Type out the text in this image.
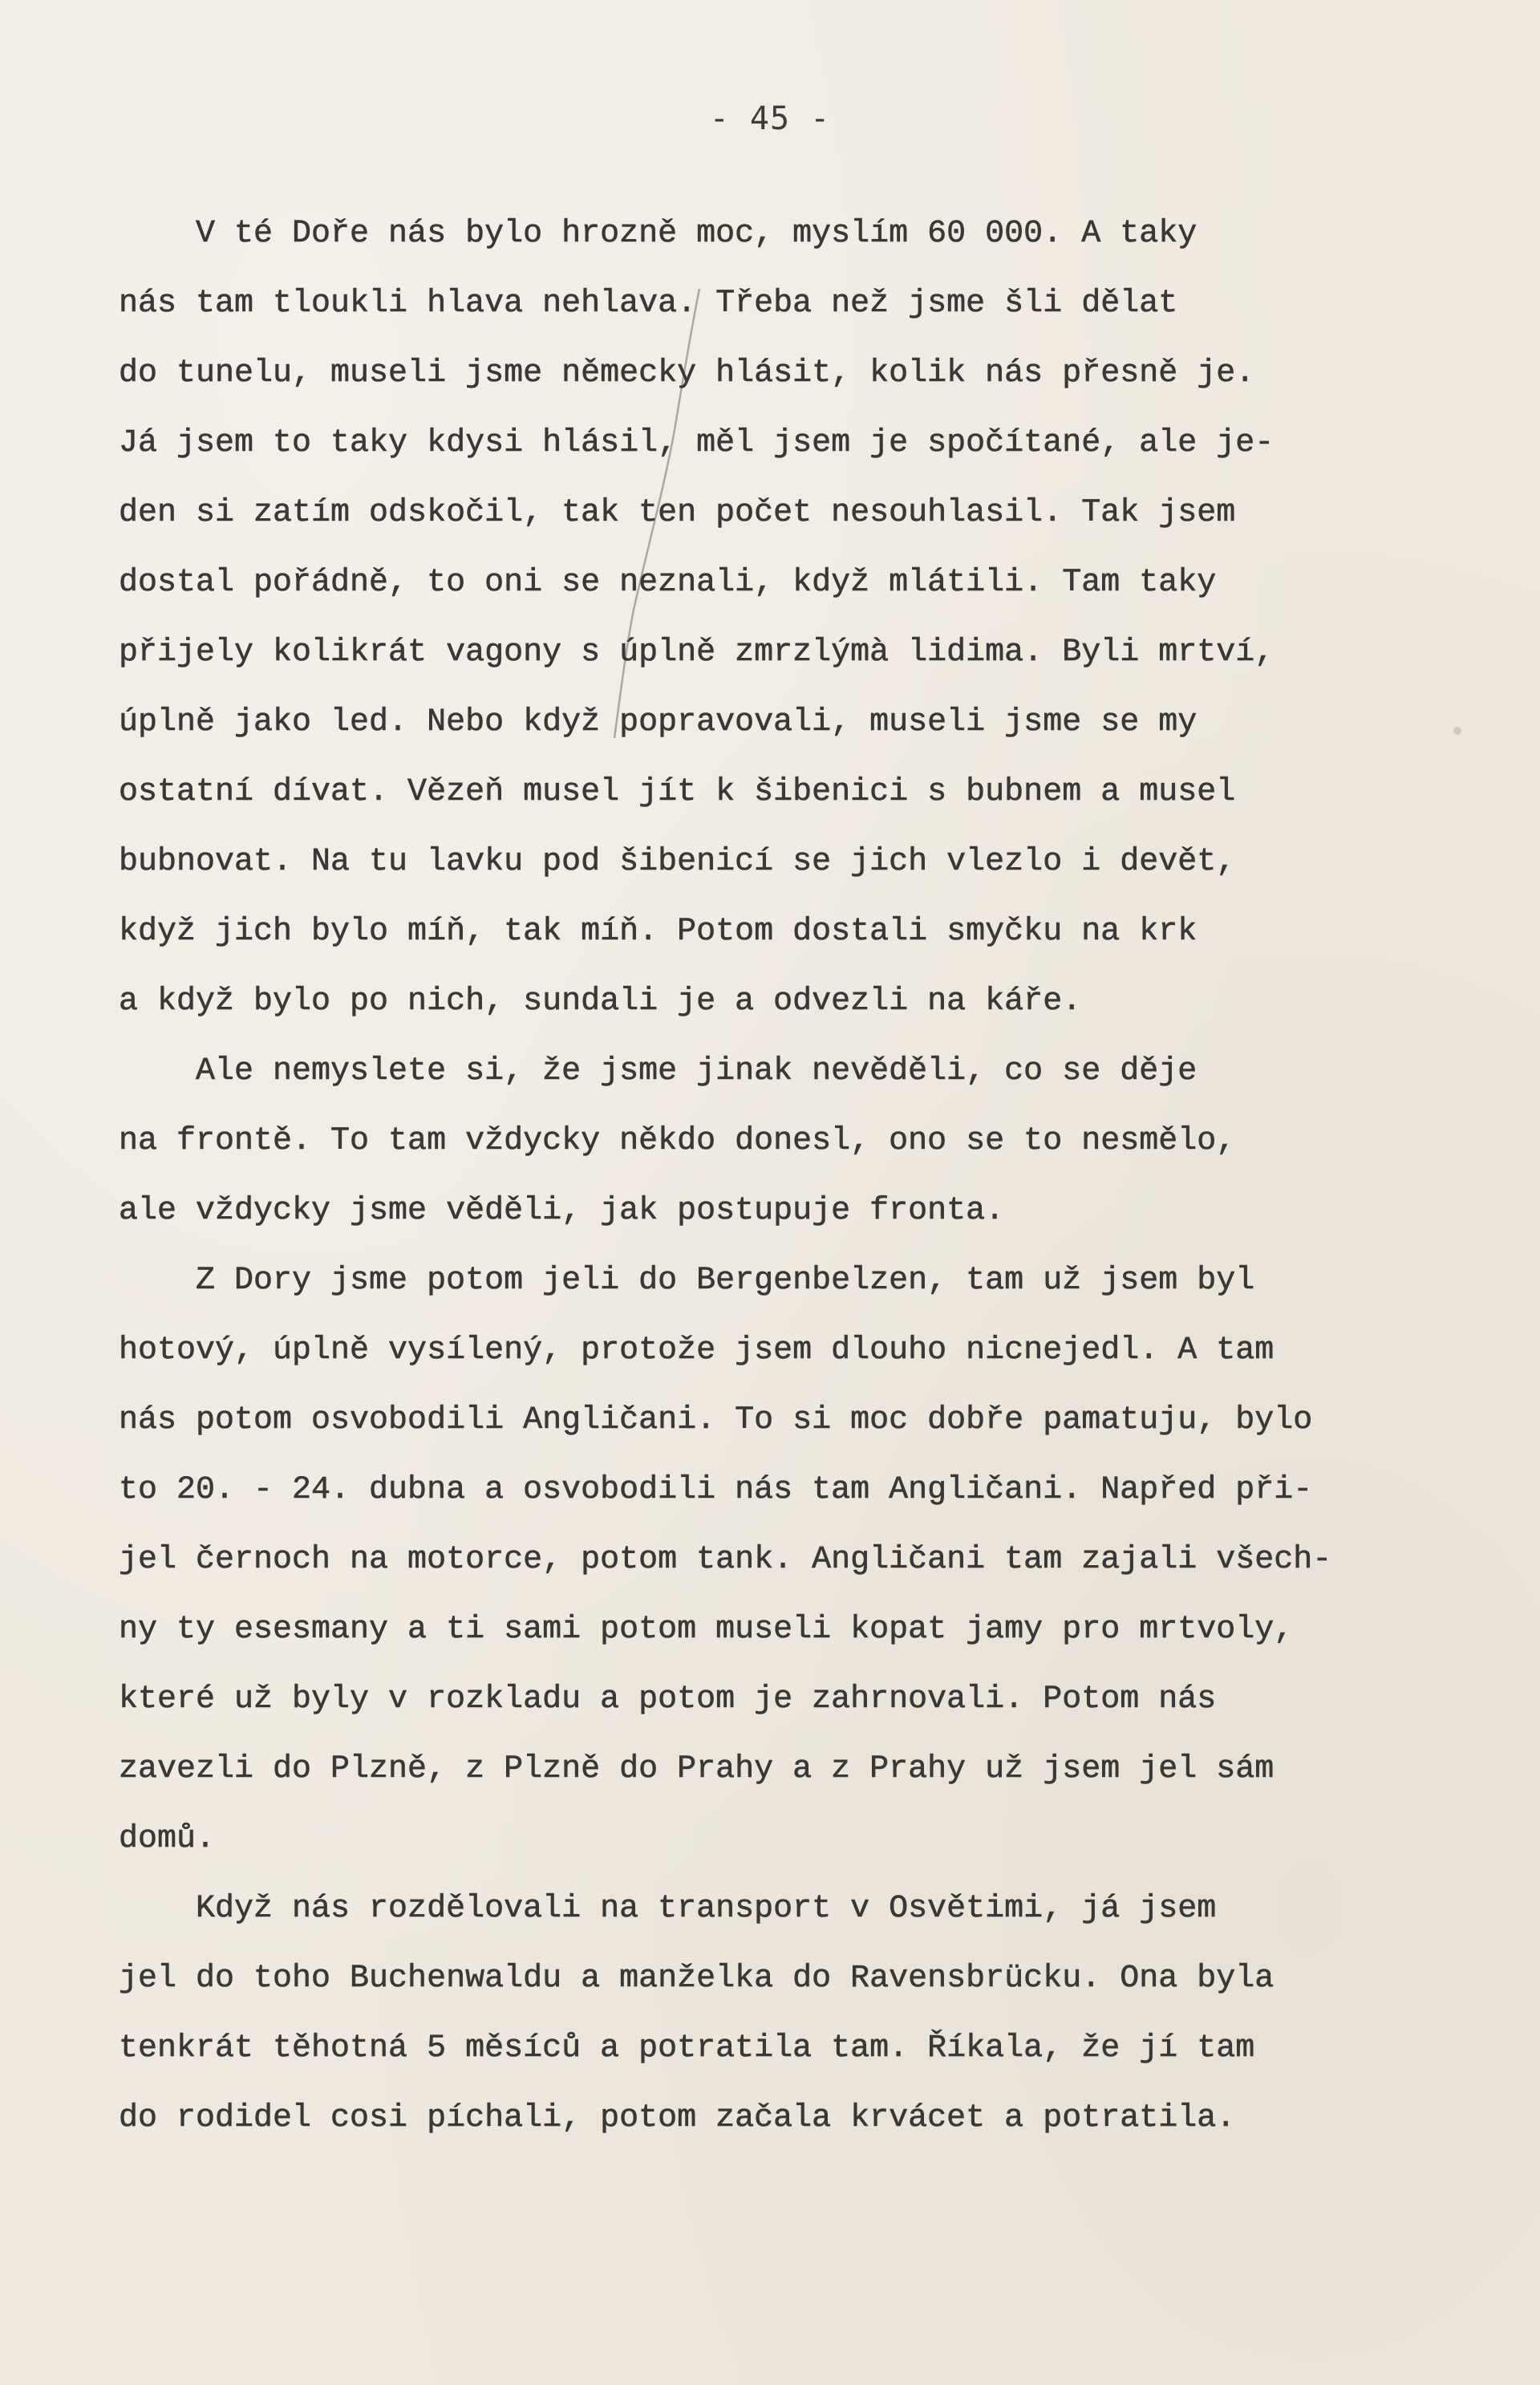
- 45 -
V té Doře nás bylo hrozně moc, myslím 60 000. A taky
nás tam tloukli hlava nehlava. Třeba než jsme šli dělat
do tunelu, museli jsme německy hlásit, kolik nás přesně je.
Já jsem to taky kdysi hlásil, měl jsem je spočítané, ale je-
den si zatím odskočil, tak ten počet nesouhlasil. Tak jsem
dostal pořádně, to oni se neznali, když mlátili. Tam taky
přijely kolikrát vagony s úplně zmrzlýmà lidima. Byli mrtví,
úplně jako led. Nebo když popravovali, museli jsme se my
ostatní dívat. Vězeň musel jít k šibenici s bubnem a musel
bubnovat. Na tu lavku pod šibenicí se jich vlezlo i devět,
když jich bylo míň, tak míň. Potom dostali smyčku na krk
a když bylo po nich, sundali je a odvezli na káře.
Ale nemyslete si, že jsme jinak nevěděli, co se děje
na frontě. To tam vždycky někdo donesl, ono se to nesmělo,
ale vždycky jsme věděli, jak postupuje fronta.
Z Dory jsme potom jeli do Bergenbelzen, tam už jsem byl
hotový, úplně vysílený, protože jsem dlouho nicnejedl. A tam
nás potom osvobodili Angličani. To si moc dobře pamatuju, bylo
to 20. - 24. dubna a osvobodili nás tam Angličani. Napřed při-
jel černoch na motorce, potom tank. Angličani tam zajali všech-
ny ty esesmany a ti sami potom museli kopat jamy pro mrtvoly,
které už byly v rozkladu a potom je zahrnovali. Potom nás
zavezli do Plzně, z Plzně do Prahy a z Prahy už jsem jel sám
domů.
Když nás rozdělovali na transport v Osvětimi, já jsem
jel do toho Buchenwaldu a manželka do Ravensbrücku. Ona byla
tenkrát těhotná 5 měsíců a potratila tam. Říkala, že jí tam
do rodidel cosi píchali, potom začala krvácet a potratila.
